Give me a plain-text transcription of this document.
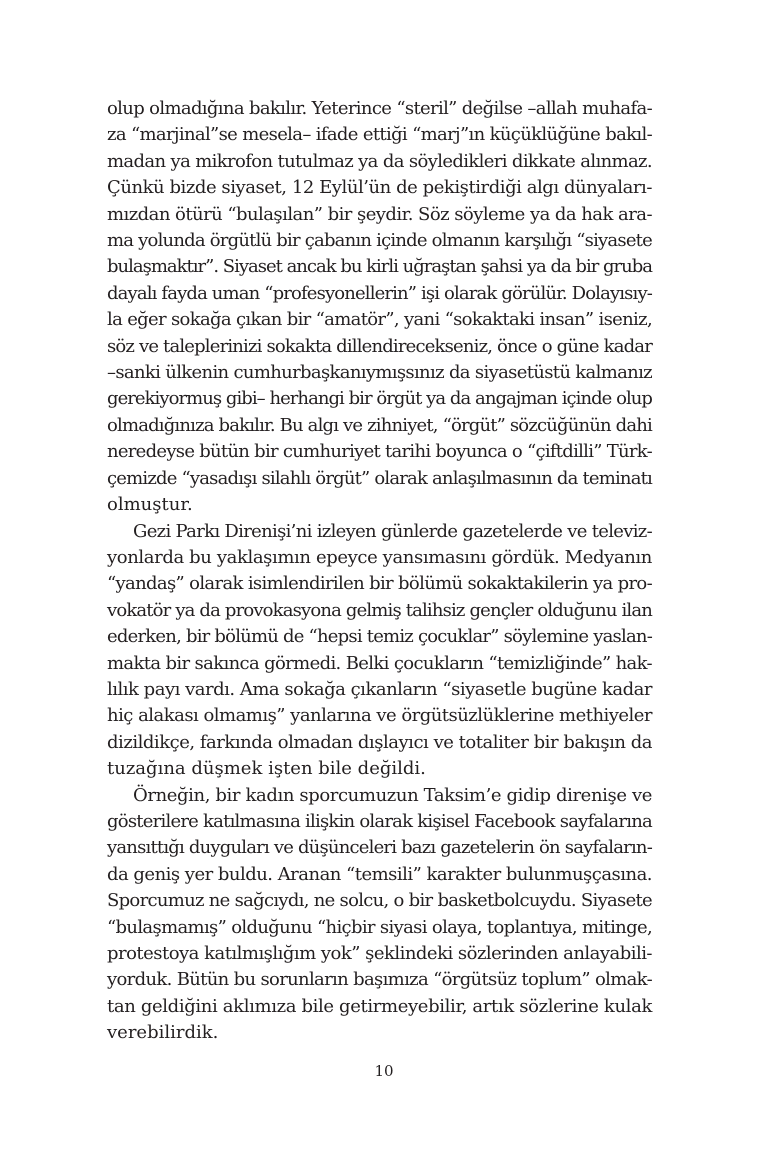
olup olmadığına bakılır. Yeterince “steril” değilse –allah muhafa-
za “marjinal”se mesela– ifade ettiği “marj”ın küçüklüğüne bakıl-
madan ya mikrofon tutulmaz ya da söyledikleri dikkate alınmaz.
Çünkü bizde siyaset, 12 Eylül’ün de pekiştirdiği algı dünyaları-
mızdan ötürü “bulaşılan” bir şeydir. Söz söyleme ya da hak ara-
ma yolunda örgütlü bir çabanın içinde olmanın karşılığı “siyasete
bulaşmaktır”. Siyaset ancak bu kirli uğraştan şahsi ya da bir gruba
dayalı fayda uman “profesyonellerin” işi olarak görülür. Dolayısıy-
la eğer sokağa çıkan bir “amatör”, yani “sokaktaki insan” iseniz,
söz ve taleplerinizi sokakta dillendirecekseniz, önce o güne kadar
–sanki ülkenin cumhurbaşkanıymışsınız da siyasetüstü kalmanız
gerekiyormuş gibi– herhangi bir örgüt ya da angajman içinde olup
olmadığınıza bakılır. Bu algı ve zihniyet, “örgüt” sözcüğünün dahi
neredeyse bütün bir cumhuriyet tarihi boyunca o “çiftdilli” Türk-
çemizde “yasadışı silahlı örgüt” olarak anlaşılmasının da teminatı
olmuştur.
Gezi Parkı Direnişi’ni izleyen günlerde gazetelerde ve televiz-
yonlarda bu yaklaşımın epeyce yansımasını gördük. Medyanın
“yandaş” olarak isimlendirilen bir bölümü sokaktakilerin ya pro-
vokatör ya da provokasyona gelmiş talihsiz gençler olduğunu ilan
ederken, bir bölümü de “hepsi temiz çocuklar” söylemine yaslan-
makta bir sakınca görmedi. Belki çocukların “temizliğinde” hak-
lılık payı vardı. Ama sokağa çıkanların “siyasetle bugüne kadar
hiç alakası olmamış” yanlarına ve örgütsüzlüklerine methiyeler
dizildikçe, farkında olmadan dışlayıcı ve totaliter bir bakışın da
tuzağına düşmek işten bile değildi.
Örneğin, bir kadın sporcumuzun Taksim’e gidip direnişe ve
gösterilere katılmasına ilişkin olarak kişisel Facebook sayfalarına
yansıttığı duyguları ve düşünceleri bazı gazetelerin ön sayfaların-
da geniş yer buldu. Aranan “temsili” karakter bulunmuşçasına.
Sporcumuz ne sağcıydı, ne solcu, o bir basketbolcuydu. Siyasete
“bulaşmamış” olduğunu “hiçbir siyasi olaya, toplantıya, mitinge,
protestoya katılmışlığım yok” şeklindeki sözlerinden anlayabili-
yorduk. Bütün bu sorunların başımıza “örgütsüz toplum” olmak-
tan geldiğini aklımıza bile getirmeyebilir, artık sözlerine kulak
verebilirdik.
10
